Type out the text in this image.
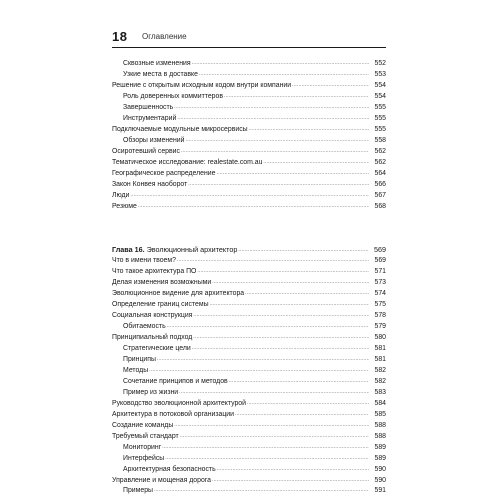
18 Оглавление
Сквозные изменения .....	552
Узкие места в доставке .....	553
Решение с открытым исходным кодом внутри компании .....	554
Роль доверенных коммиттеров .....	554
Завершенность .....	555
Инструментарий .....	555
Подключаемые модульные микросервисы .....	555
Обзоры изменений .....	558
Осиротевший сервис .....	562
Тематическое исследование: realestate.com.au .....	562
Географическое распределение .....	564
Закон Конвея наоборот .....	566
Люди .....	567
Резюме .....	568
Глава 16. Эволюционный архитектор .....	569
Что в имени твоем? .....	569
Что такое архитектура ПО .....	571
Делая изменения возможными .....	573
Эволюционное видение для архитектора .....	574
Определение границ системы .....	575
Социальная конструкция .....	578
Обитаемость .....	579
Принципиальный подход .....	580
Стратегические цели .....	581
Принципы .....	581
Методы .....	582
Сочетание принципов и методов .....	582
Пример из жизни .....	583
Руководство эволюционной архитектурой .....	584
Архитектура в потоковой организации .....	585
Создание команды .....	588
Требуемый стандарт .....	588
Мониторинг .....	589
Интерфейсы .....	589
Архитектурная безопасность .....	590
Управление и мощеная дорога .....	590
Примеры .....	591
